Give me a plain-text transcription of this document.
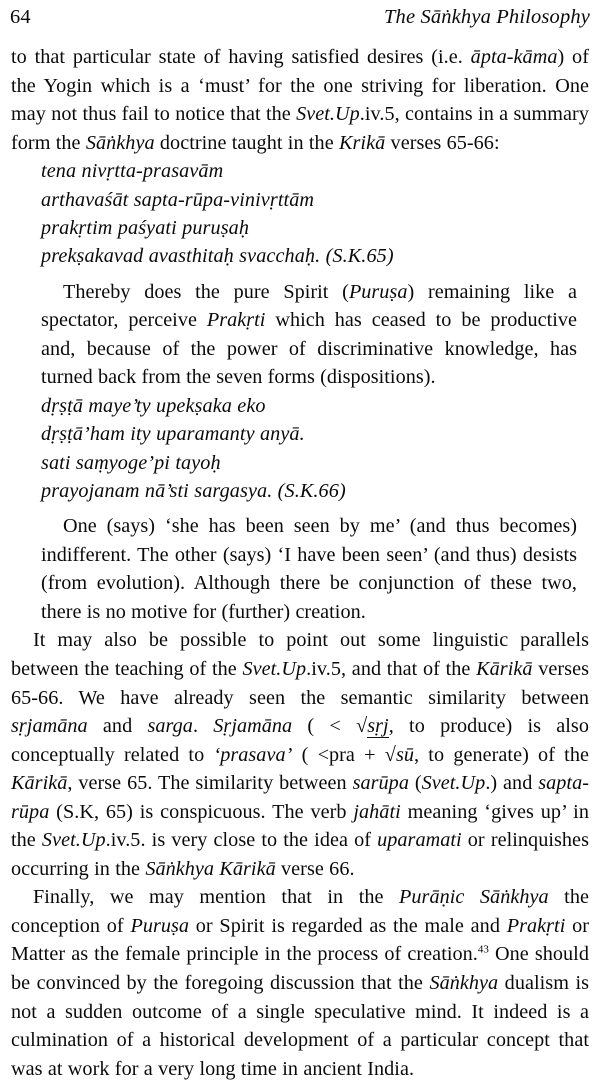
64	The Sāṅkhya Philosophy

to that particular state of having satisfied desires (i.e. āpta-kāma) of the Yogin which is a ‘must’ for the one striving for liberation. One may not thus fail to notice that the Svet.Up.iv.5, contains in a summary form the Sāṅkhya doctrine taught in the Krikā verses 65-66:

tena nivṛtta-prasavām

arthavaśāt sapta-rūpa-vinivṛttām

prakṛtim paśyati puruṣaḥ

prekṣakavad avasthitaḥ svacchaḥ. (S.K.65)

Thereby does the pure Spirit (Puruṣa) remaining like a spectator, perceive Prakṛti which has ceased to be productive and, because of the power of discriminative knowledge, has turned back from the seven forms (dispositions).

dṛṣṭā maye’ty upekṣaka eko

dṛṣṭā’ham ity uparamanty anyā.

sati saṃyoge’pi tayoḥ

prayojanam nā’sti sargasya. (S.K.66)

One (says) ‘she has been seen by me’ (and thus becomes) indifferent. The other (says) ‘I have been seen’ (and thus) desists (from evolution). Although there be conjunction of these two, there is no motive for (further) creation.

It may also be possible to point out some linguistic parallels between the teaching of the Svet.Up.iv.5, and that of the Kārikā verses 65-66. We have already seen the semantic similarity between sṛjamāna and sarga. Sṛjamāna ( < √sṛj, to produce) is also conceptually related to ‘prasava’ ( <pra + √sū, to generate) of the Kārikā, verse 65. The similarity between sarūpa (Svet.Up.) and sapta-rūpa (S.K, 65) is conspicuous. The verb jahāti meaning ‘gives up’ in the Svet.Up.iv.5. is very close to the idea of uparamati or relinquishes occurring in the Sāṅkhya Kārikā verse 66.

Finally, we may mention that in the Purāṇic Sāṅkhya the conception of Puruṣa or Spirit is regarded as the male and Prakṛti or Matter as the female principle in the process of creation.$^{43}$ One should be convinced by the foregoing discussion that the Sāṅkhya dualism is not a sudden outcome of a single speculative mind. It indeed is a culmination of a historical development of a particular concept that was at work for a very long time in ancient India.
